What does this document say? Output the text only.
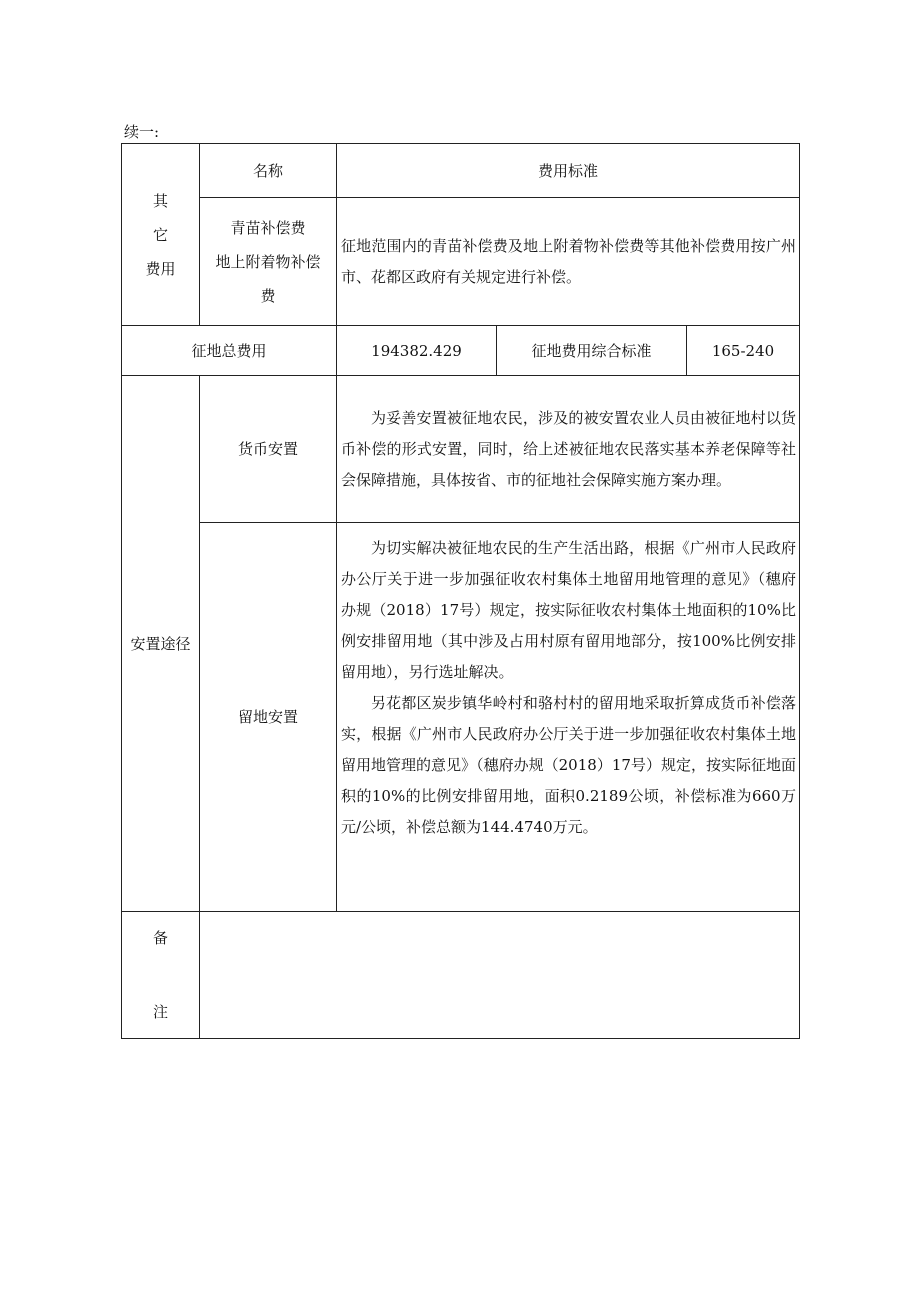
续一:
其 它
费用	名称	费用标准		

	青苗补偿费
地上附着物补偿
费	征地范围内的青苗补偿费及地上附着物补偿费等其他补偿费用按广州市、花都区政府有关规定进行补偿。		

征地总费用		194382.429	征地费用综合标准	165-240
安置途径	货币安置	为妥善安置被征地农民，涉及的被安置农业人员由被征地村以货币补偿的形式安置，同时，给上述被征地农民落实基本养老保障等社会保障措施，具体按省、市的征地社会保障实施方案办理。		

	留地安置	为切实解决被征地农民的生产生活出路，根据《广州市人民政府办公厅关于进一步加强征收农村集体土地留用地管理的意见》（穗府办规（2018）17号）规定，按实际征收农村集体土地面积的10%比例安排留用地（其中涉及占用村原有留用地部分，按100%比例安排留用地），另行选址解决。

另花都区炭步镇华岭村和骆村村的留用地采取折算成货币补偿落实，根据《广州市人民政府办公厅关于进一步加强征收农村集体土地留用地管理的意见》（穗府办规（2018）17号）规定，按实际征地面积的10%的比例安排留用地，面积0.2189公顷，补偿标准为660万元/公顷，补偿总额为144.4740万元。		

备
注				
